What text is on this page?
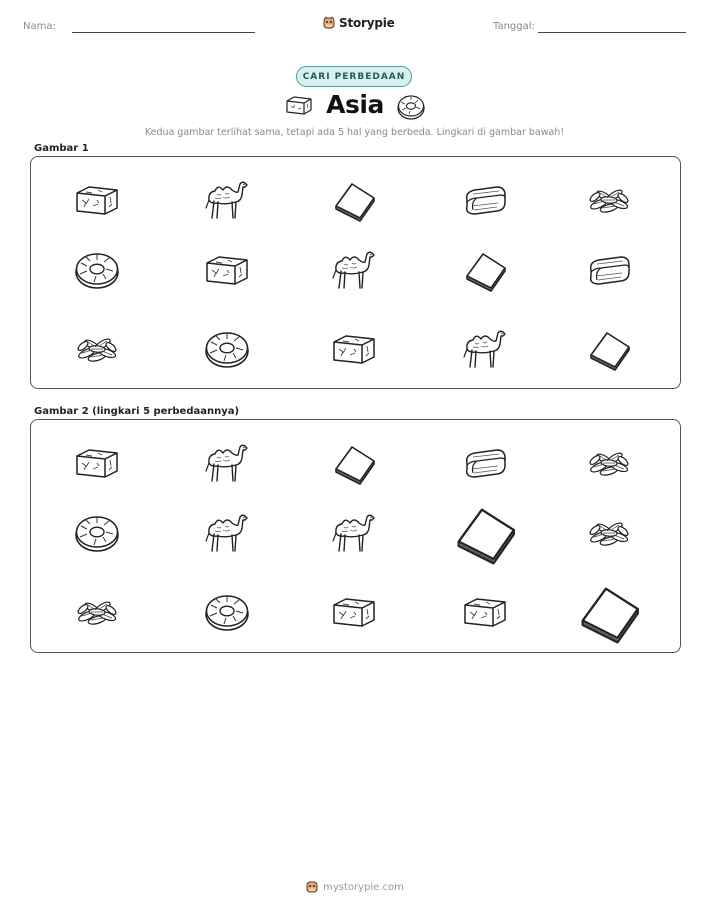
Nama:	Storypie	Tanggal:
CARI PERBEDAAN
Asia
Kedua gambar terlihat sama, tetapi ada 5 hal yang berbeda. Lingkari di gambar bawah!
Gambar 1
Gambar 2 (lingkari 5 perbedaannya)
mystorypie.com
